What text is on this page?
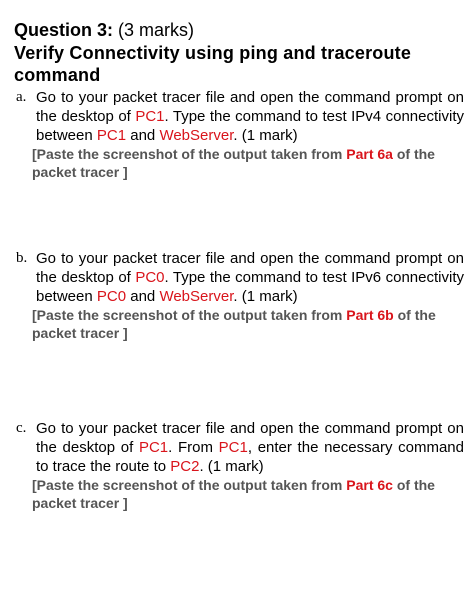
Question 3: (3 marks)

Verify Connectivity using ping and traceroute

command

a. Go to your packet tracer file and open the command prompt on the desktop of PC1. Type the command to test IPv4 connectivity between PC1 and WebServer. (1 mark)
[Paste the screenshot of the output taken from Part 6a of the packet tracer ]
b. Go to your packet tracer file and open the command prompt on the desktop of PC0. Type the command to test IPv6 connectivity between PC0 and WebServer. (1 mark)
[Paste the screenshot of the output taken from Part 6b of the packet tracer ]
c. Go to your packet tracer file and open the command prompt on the desktop of PC1. From PC1, enter the necessary command to trace the route to PC2. (1 mark)
[Paste the screenshot of the output taken from Part 6c of the packet tracer ]
